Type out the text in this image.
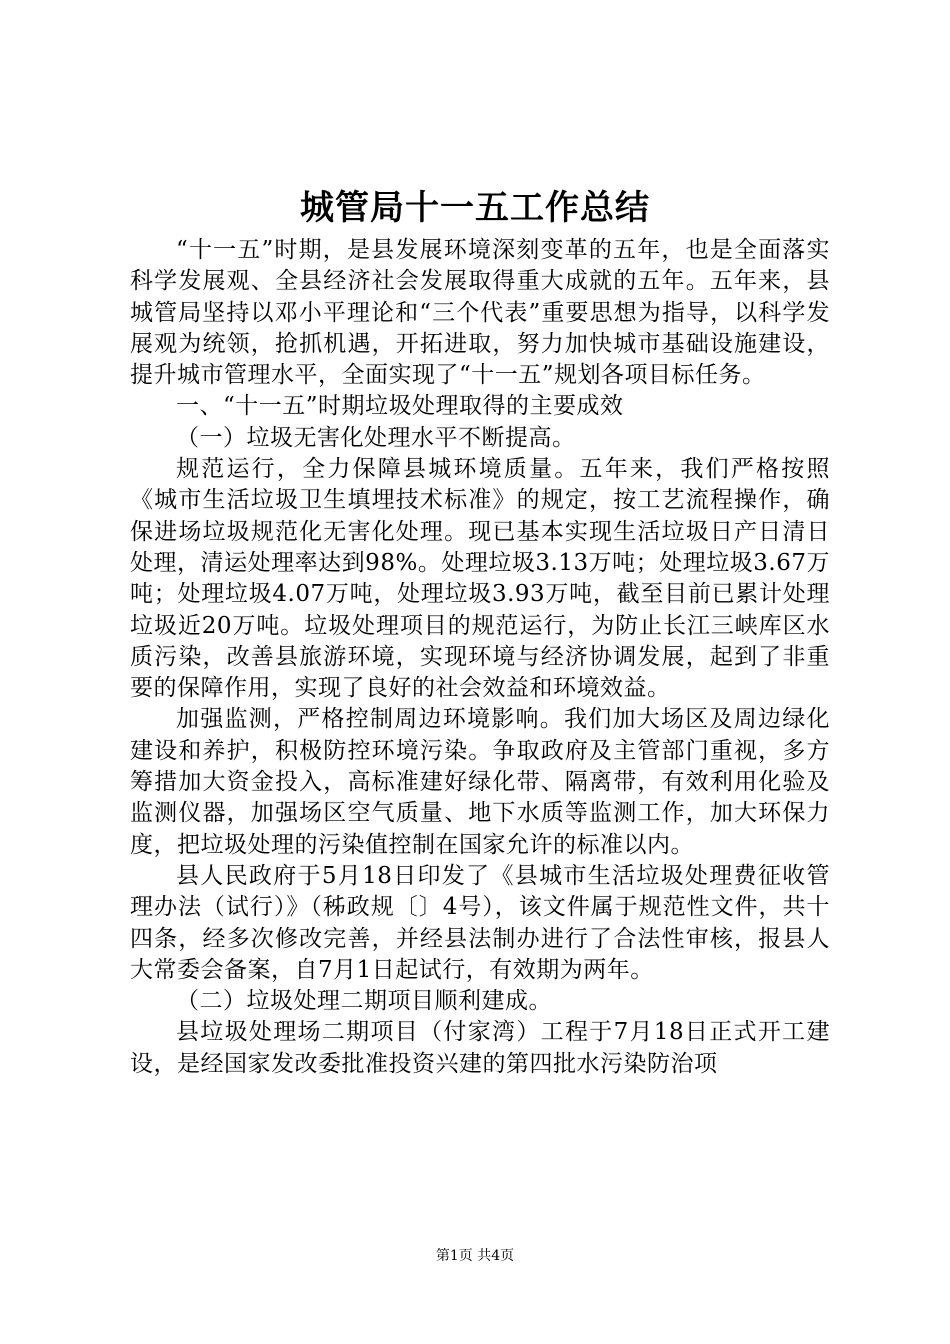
城管局十一五工作总结

“十一五”时期，是县发展环境深刻变革的五年，也是全面落实科学发展观、全县经济社会发展取得重大成就的五年。五年来，县城管局坚持以邓小平理论和“三个代表”重要思想为指导，以科学发展观为统领，抢抓机遇，开拓进取，努力加快城市基础设施建设，提升城市管理水平，全面实现了“十一五”规划各项目标任务。

一、“十一五”时期垃圾处理取得的主要成效

（一）垃圾无害化处理水平不断提高。

规范运行，全力保障县城环境质量。五年来，我们严格按照《城市生活垃圾卫生填埋技术标准》的规定，按工艺流程操作，确保进场垃圾规范化无害化处理。现已基本实现生活垃圾日产日清日处理，清运处理率达到98%。处理垃圾3.13万吨；处理垃圾3.67万吨；处理垃圾4.07万吨，处理垃圾3.93万吨，截至目前已累计处理垃圾近20万吨。垃圾处理项目的规范运行，为防止长江三峡库区水质污染，改善县旅游环境，实现环境与经济协调发展，起到了非重要的保障作用，实现了良好的社会效益和环境效益。

加强监测，严格控制周边环境影响。我们加大场区及周边绿化建设和养护，积极防控环境污染。争取政府及主管部门重视，多方筹措加大资金投入，高标准建好绿化带、隔离带，有效利用化验及监测仪器，加强场区空气质量、地下水质等监测工作，加大环保力度，把垃圾处理的污染值控制在国家允许的标准以内。

县人民政府于5月18日印发了《县城市生活垃圾处理费征收管理办法（试行）》（秭政规〔〕4号），该文件属于规范性文件，共十四条，经多次修改完善，并经县法制办进行了合法性审核，报县人大常委会备案，自7月1日起试行，有效期为两年。

（二）垃圾处理二期项目顺利建成。

县垃圾处理场二期项目（付家湾）工程于7月18日正式开工建设，是经国家发改委批准投资兴建的第四批水污染防治项

第1页 共4页
